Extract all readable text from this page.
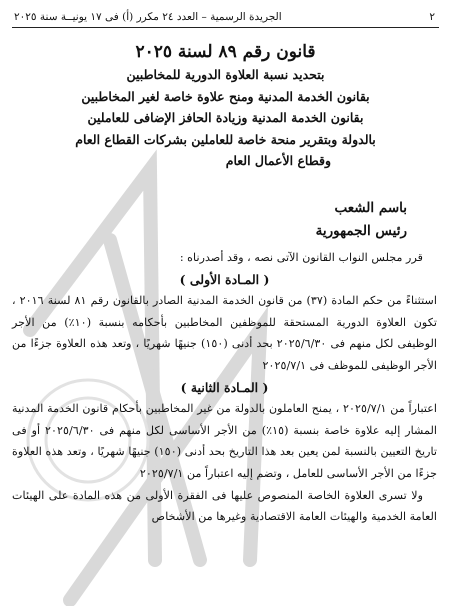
٢
الجريدة الرسمية – العدد ٢٤ مكرر (أ) فى ١٧ يونيــة سنة ٢٠٢٥
قانون رقم ٨٩ لسنة ٢٠٢٥
بتحديد نسبة العلاوة الدورية للمخاطبين
بقانون الخدمة المدنية ومنح علاوة خاصة لغير المخاطبين
بقانون الخدمة المدنية وزيادة الحافز الإضافى للعاملين
بالدولة وبتقرير منحة خاصة للعاملين بشركات القطاع العام
وقطاع الأعمال العام
باسم الشعب
رئيس الجمهورية

قرر مجلس النواب القانون الآتى نصه ، وقد أصدرناه :

( المـادة الأولى )

استثناءً من حكم المادة (٣٧) من قانون الخدمة المدنية الصادر بالقانون رقم ٨١ لسنة ٢٠١٦ ، تكون العلاوة الدورية المستحقة للموظفين المخاطبين بأحكامه بنسبة (١٠٪) من الأجر الوظيفى لكل منهم فى ٢٠٢٥/٦/٣٠ بحد أدنى (١٥٠) جنيهًا شهريًا ، وتعد هذه العلاوة جزءًا من الأجر الوظيفى للموظف فى ٢٠٢٥/٧/١

( المـادة الثانية )

اعتباراً من ٢٠٢٥/٧/١ ، يمنح العاملون بالدولة من غير المخاطبين بأحكام قانون الخدمة المدنية المشار إليه علاوة خاصة بنسبة (١٥٪) من الأجر الأساسى لكل منهم فى ٢٠٢٥/٦/٣٠ أو فى تاريخ التعيين بالنسبة لمن يعين بعد هذا التاريخ بحد أدنى (١٥٠) جنيهًا شهريًا ، وتعد هذه العلاوة جزءًا من الأجر الأساسى للعامل ، وتضم إليه اعتباراً من ٢٠٢٥/٧/١

ولا تسرى العلاوة الخاصة المنصوص عليها فى الفقرة الأولى من هذه المادة على الهيئات العامة الخدمية والهيئات العامة الاقتصادية وغيرها من الأشخاص
